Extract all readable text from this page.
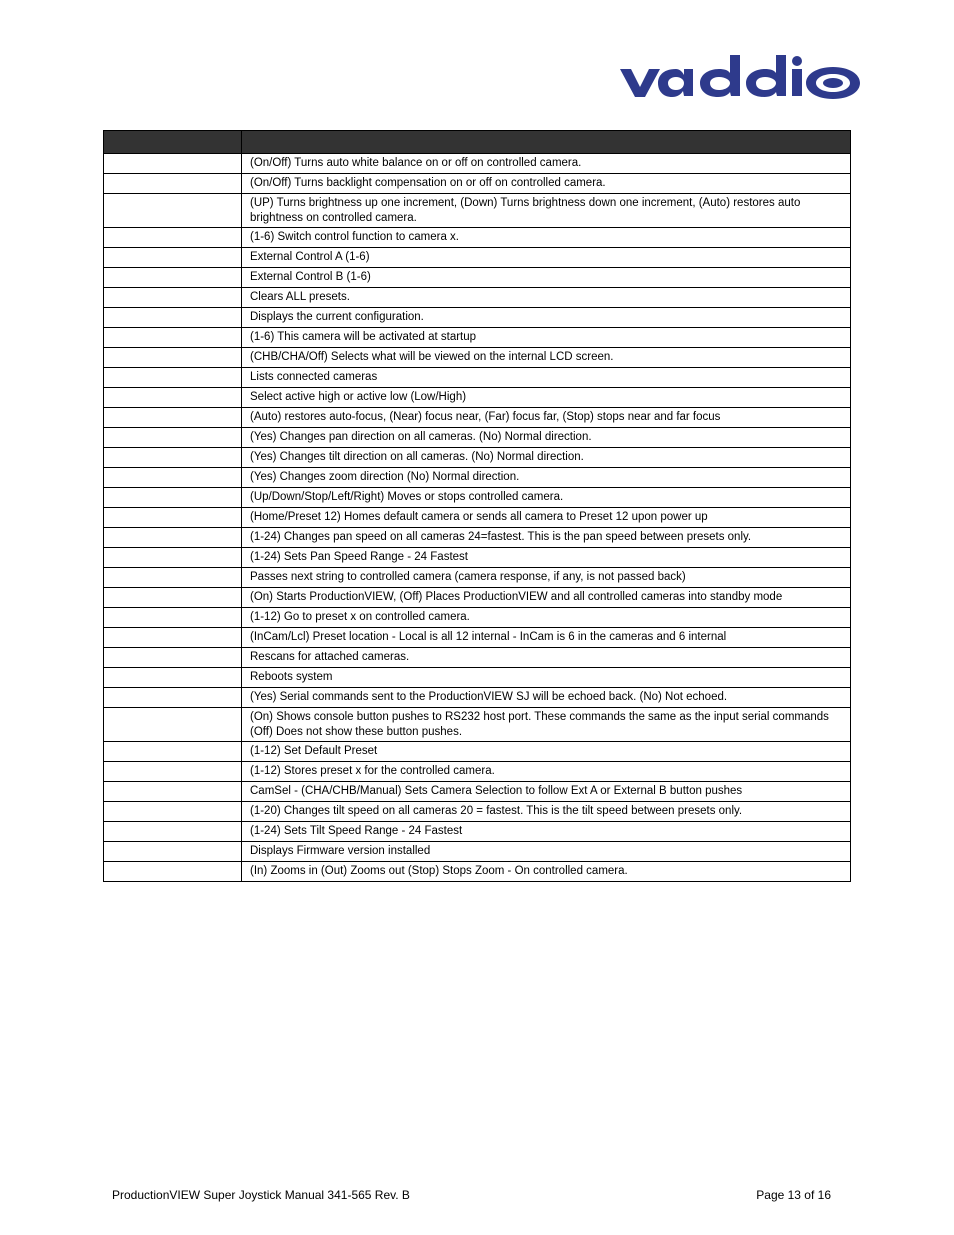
	(On/Off) Turns auto white balance on or off on controlled camera.
	(On/Off) Turns backlight compensation on or off on controlled camera.
	(UP) Turns brightness up one increment, (Down) Turns brightness down one increment, (Auto) restores auto brightness on controlled camera.
	(1-6) Switch control function to camera x.
	External Control A (1-6)
	External Control B (1-6)
	Clears ALL presets.
	Displays the current configuration.
	(1-6) This camera will be activated at startup
	(CHB/CHA/Off) Selects what will be viewed on the internal LCD screen.
	Lists connected cameras
	Select active high or active low (Low/High)
	(Auto) restores auto-focus, (Near) focus near, (Far) focus far, (Stop) stops near and far focus
	(Yes) Changes pan direction on all cameras. (No) Normal direction.
	(Yes) Changes tilt direction on all cameras. (No) Normal direction.
	(Yes) Changes zoom direction (No) Normal direction.
	(Up/Down/Stop/Left/Right) Moves or stops controlled camera.
	(Home/Preset 12) Homes default camera or sends all camera to Preset 12 upon power up
	(1-24) Changes pan speed on all cameras 24=fastest. This is the pan speed between presets only.
	(1-24) Sets Pan Speed Range - 24 Fastest
	Passes next string to controlled camera (camera response, if any, is not passed back)
	(On) Starts ProductionVIEW, (Off) Places ProductionVIEW and all controlled cameras into standby mode
	(1-12) Go to preset x on controlled camera.
	(InCam/Lcl) Preset location - Local is all 12 internal - InCam is 6 in the cameras and 6 internal
	Rescans for attached cameras.
	Reboots system
	(Yes) Serial commands sent to the ProductionVIEW SJ will be echoed back. (No) Not echoed.
	(On) Shows console button pushes to RS232 host port. These commands the same as the input serial commands (Off) Does not show these button pushes.
	(1-12) Set Default Preset
	(1-12) Stores preset x for the controlled camera.
	CamSel - (CHA/CHB/Manual) Sets Camera Selection to follow Ext A or External B button pushes
	(1-20) Changes tilt speed on all cameras 20 = fastest. This is the tilt speed between presets only.
	(1-24) Sets Tilt Speed Range - 24 Fastest
	Displays Firmware version installed
	(In) Zooms in (Out) Zooms out (Stop) Stops Zoom - On controlled camera.
ProductionVIEW Super Joystick Manual 341-565 Rev. B	Page 13 of 16
